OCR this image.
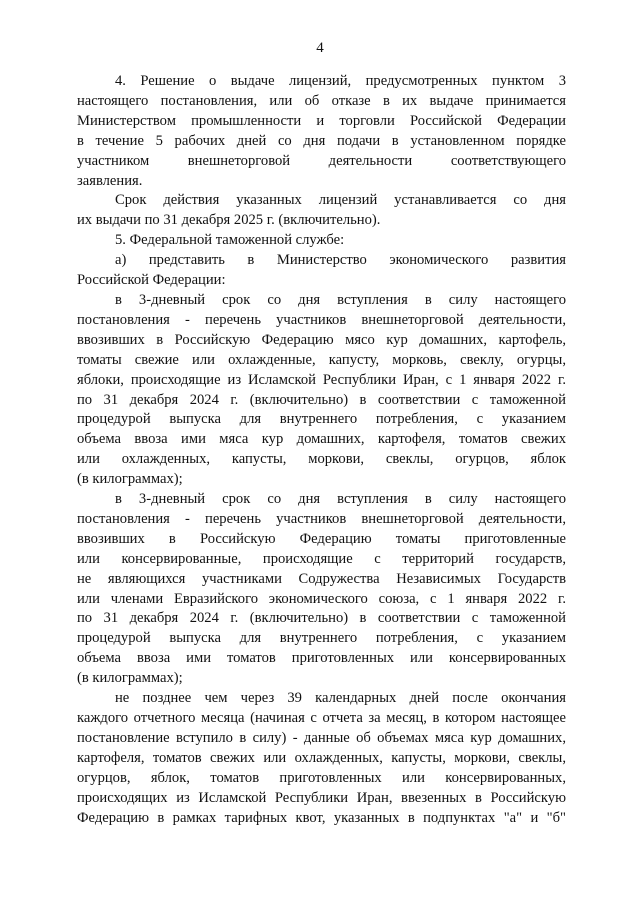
4
4. Решение о выдаче лицензий, предусмотренных пунктом 3
настоящего постановления, или об отказе в их выдаче принимается
Министерством промышленности и торговли Российской Федерации
в течение 5 рабочих дней со дня подачи в установленном порядке
участником внешнеторговой деятельности соответствующего
заявления.
Срок действия указанных лицензий устанавливается со дня
их выдачи по 31 декабря 2025 г. (включительно).
5. Федеральной таможенной службе:
а) представить в Министерство экономического развития
Российской Федерации:
в 3-дневный срок со дня вступления в силу настоящего
постановления - перечень участников внешнеторговой деятельности,
ввозивших в Российскую Федерацию мясо кур домашних, картофель,
томаты свежие или охлажденные, капусту, морковь, свеклу, огурцы,
яблоки, происходящие из Исламской Республики Иран, с 1 января 2022 г.
по 31 декабря 2024 г. (включительно) в соответствии с таможенной
процедурой выпуска для внутреннего потребления, с указанием
объема ввоза ими мяса кур домашних, картофеля, томатов свежих
или охлажденных, капусты, моркови, свеклы, огурцов, яблок
(в килограммах);
в 3-дневный срок со дня вступления в силу настоящего
постановления - перечень участников внешнеторговой деятельности,
ввозивших в Российскую Федерацию томаты приготовленные
или консервированные, происходящие с территорий государств,
не являющихся участниками Содружества Независимых Государств
или членами Евразийского экономического союза, с 1 января 2022 г.
по 31 декабря 2024 г. (включительно) в соответствии с таможенной
процедурой выпуска для внутреннего потребления, с указанием
объема ввоза ими томатов приготовленных или консервированных
(в килограммах);
не позднее чем через 39 календарных дней после окончания
каждого отчетного месяца (начиная с отчета за месяц, в котором настоящее
постановление вступило в силу) - данные об объемах мяса кур домашних,
картофеля, томатов свежих или охлажденных, капусты, моркови, свеклы,
огурцов, яблок, томатов приготовленных или консервированных,
происходящих из Исламской Республики Иран, ввезенных в Российскую
Федерацию в рамках тарифных квот, указанных в подпунктах "а" и "б"
